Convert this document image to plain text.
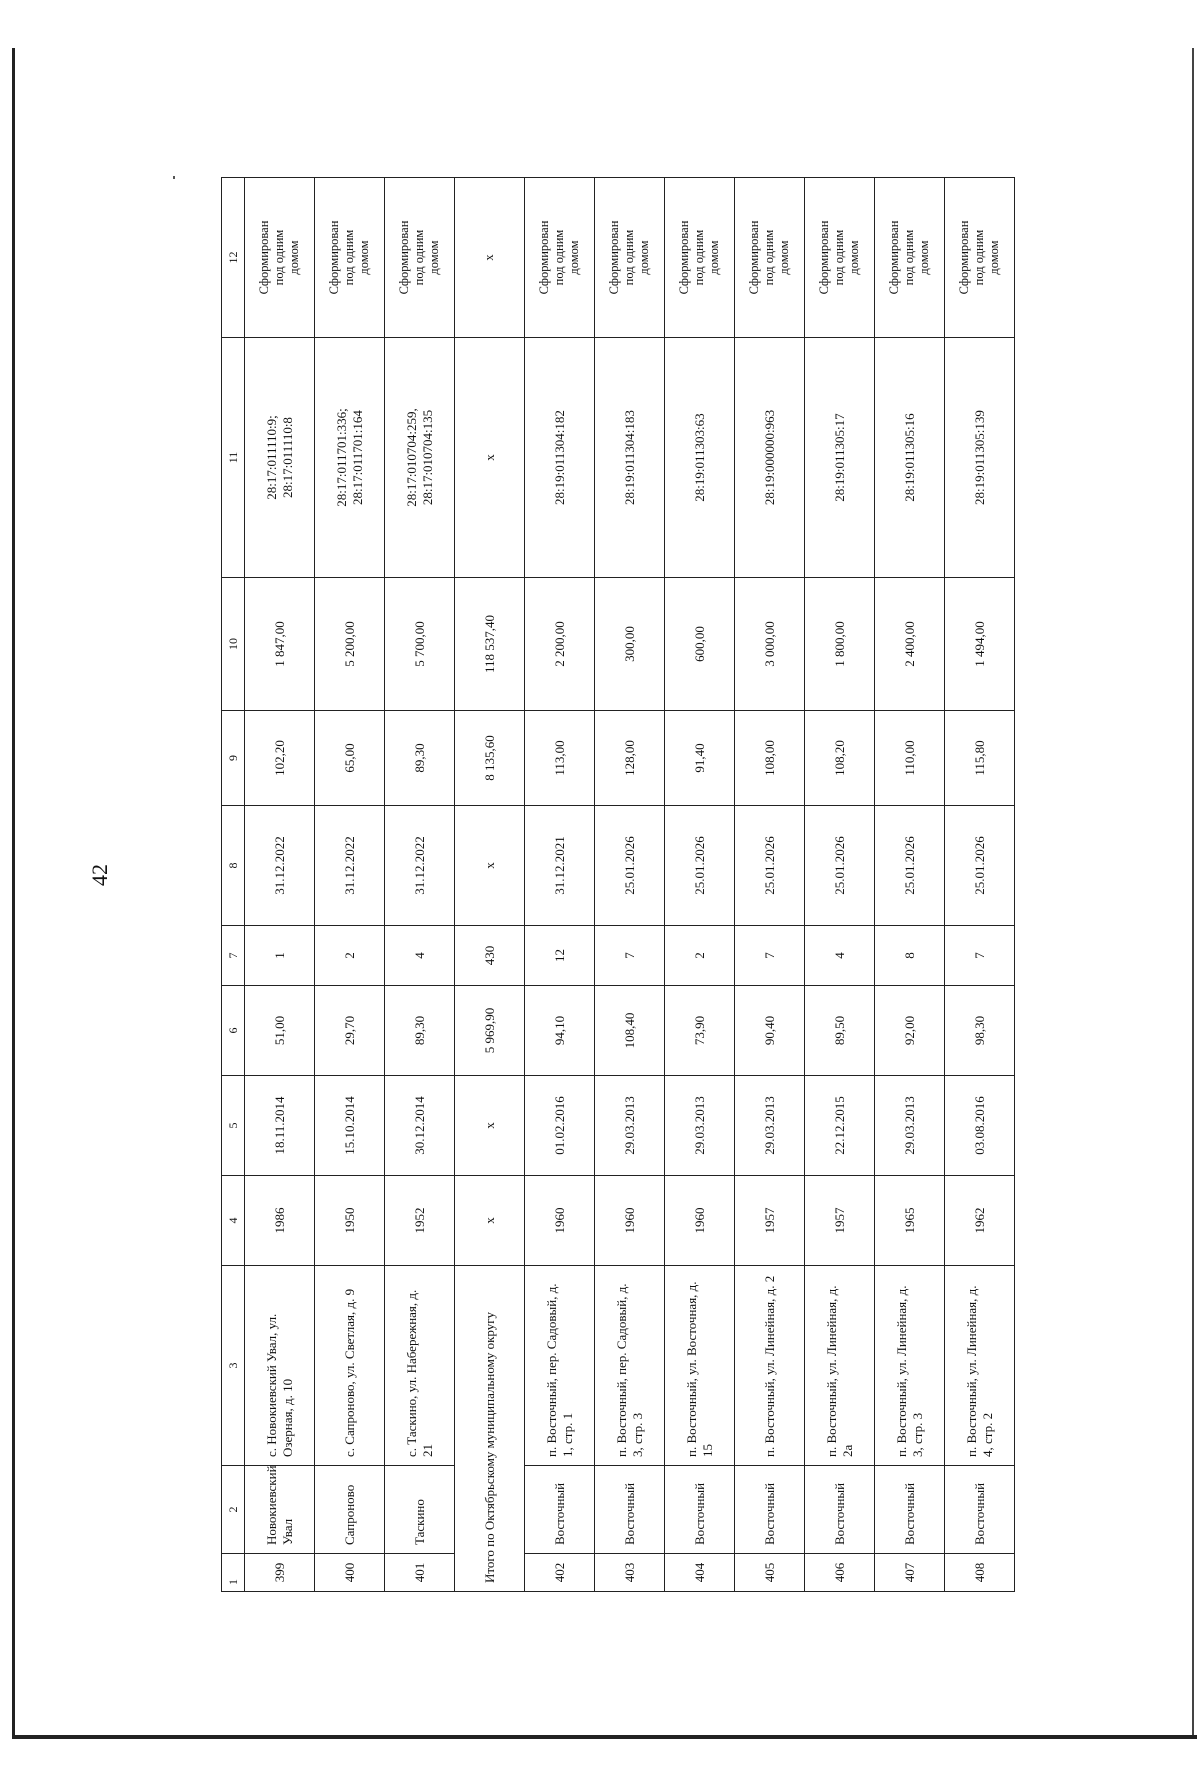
42
1	2	3	4	5	6	7	8	9	10	11	12
399	Новокиевский Увал	с. Новокиевский Увал, ул. Озерная, д. 10	1986	18.11.2014	51,00	1	31.12.2022	102,20	1 847,00	28:17:011110:9; 28:17:011110:8	Сформирован под одним домом

400	Сапроново	с. Сапроново, ул. Светлая, д. 9	1950	15.10.2014	29,70	2	31.12.2022	65,00	5 200,00	28:17:011701:336; 28:17:011701:164	Сформирован под одним домом

401	Таскино	с. Таскино, ул. Набережная, д. 21	1952	30.12.2014	89,30	4	31.12.2022	89,30	5 700,00	28:17:010704:259, 28:17:010704:135	Сформирован под одним домом

Итого по Октябрьскому муниципальному округу			х	х	5 969,90	430	х	8 135,60	118 537,40	х	х

402	Восточный	п. Восточный, пер. Садовый, д. 1, стр. 1	1960	01.02.2016	94,10	12	31.12.2021	113,00	2 200,00	28:19:011304:182	Сформирован под одним домом

403	Восточный	п. Восточный, пер. Садовый, д. 3, стр. 3	1960	29.03.2013	108,40	7	25.01.2026	128,00	300,00	28:19:011304:183	Сформирован под одним домом

404	Восточный	п. Восточный, ул. Восточная, д. 15	1960	29.03.2013	73,90	2	25.01.2026	91,40	600,00	28:19:011303:63	Сформирован под одним домом

405	Восточный	п. Восточный, ул. Линейная, д. 2	1957	29.03.2013	90,40	7	25.01.2026	108,00	3 000,00	28:19:000000:963	Сформирован под одним домом

406	Восточный	п. Восточный, ул. Линейная, д. 2а	1957	22.12.2015	89,50	4	25.01.2026	108,20	1 800,00	28:19:011305:17	Сформирован под одним домом

407	Восточный	п. Восточный, ул. Линейная, д. 3, стр. 3	1965	29.03.2013	92,00	8	25.01.2026	110,00	2 400,00	28:19:011305:16	Сформирован под одним домом

408	Восточный	п. Восточный, ул. Линейная, д. 4, стр. 2	1962	03.08.2016	98,30	7	25.01.2026	115,80	1 494,00	28:19:011305:139	Сформирован под одним домом
